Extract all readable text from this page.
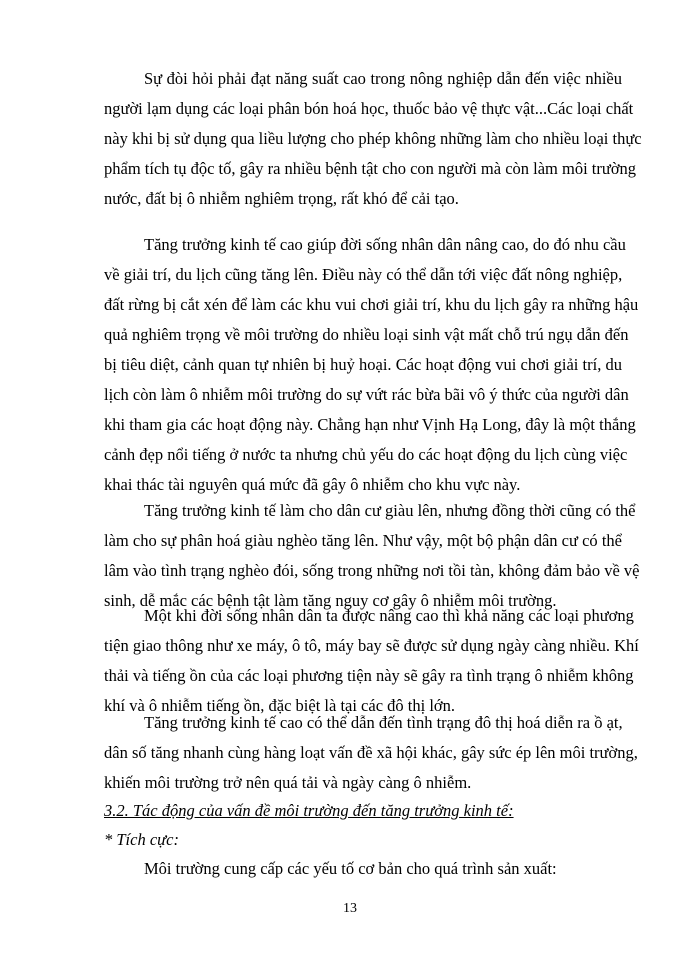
Sự đòi hỏi phải đạt năng suất cao trong nông nghiệp dẫn đến việc nhiều
người lạm dụng các loại phân bón hoá học, thuốc bảo vệ thực vật...Các loại chất
này khi bị sử dụng qua liều lượng cho phép không những làm cho nhiều loại thực
phẩm tích tụ độc tố, gây ra nhiều bệnh tật cho con người mà còn làm môi trường
nước, đất bị ô nhiễm nghiêm trọng, rất khó để cải tạo.
Tăng trưởng kinh tế cao giúp đời sống nhân dân nâng cao, do đó nhu cầu
về giải trí, du lịch cũng tăng lên. Điều này có thể dẫn tới việc đất nông nghiệp,
đất rừng bị cắt xén để làm các khu vui chơi giải trí, khu du lịch gây ra những hậu
quả nghiêm trọng về môi trường do nhiều loại sinh vật mất chỗ trú ngụ dẫn đến
bị tiêu diệt, cảnh quan tự nhiên bị huỷ hoại. Các hoạt động vui chơi giải trí, du
lịch còn làm ô nhiễm môi trường do sự vứt rác bừa bãi vô ý thức của người dân
khi tham gia các hoạt động này. Chẳng hạn như Vịnh Hạ Long, đây là một thắng
cảnh đẹp nổi tiếng ở nước ta nhưng chủ yếu do các hoạt động du lịch cùng việc
khai thác tài nguyên quá mức đã gây ô nhiễm cho khu vực này.
Tăng trưởng kinh tế làm cho dân cư giàu lên, nhưng đồng thời cũng có thể
làm cho sự phân hoá giàu nghèo tăng lên. Như vậy, một bộ phận dân cư có thể
lâm vào tình trạng nghèo đói, sống trong những nơi tồi tàn, không đảm bảo về vệ
sinh, dễ mắc các bệnh tật làm tăng nguy cơ gây ô nhiễm môi trường.
Một khi đời sống nhân dân ta được nâng cao thì khả năng các loại phương
tiện giao thông như xe máy, ô tô, máy bay sẽ được sử dụng ngày càng nhiều. Khí
thải và tiếng ồn của các loại phương tiện này sẽ gây ra tình trạng ô nhiễm không
khí và ô nhiễm tiếng ồn, đặc biệt là tại các đô thị lớn.
Tăng trưởng kinh tế cao có thể dẫn đến tình trạng đô thị hoá diễn ra ồ ạt,
dân số tăng nhanh cùng hàng loạt vấn đề xã hội khác, gây sức ép lên môi trường,
khiến môi trường trở nên quá tải và ngày càng ô nhiễm.
3.2. Tác động của vấn đề môi trường đến tăng trưởng kinh tế:
* Tích cực:
Môi trường cung cấp các yếu tố cơ bản cho quá trình sản xuất:
13
